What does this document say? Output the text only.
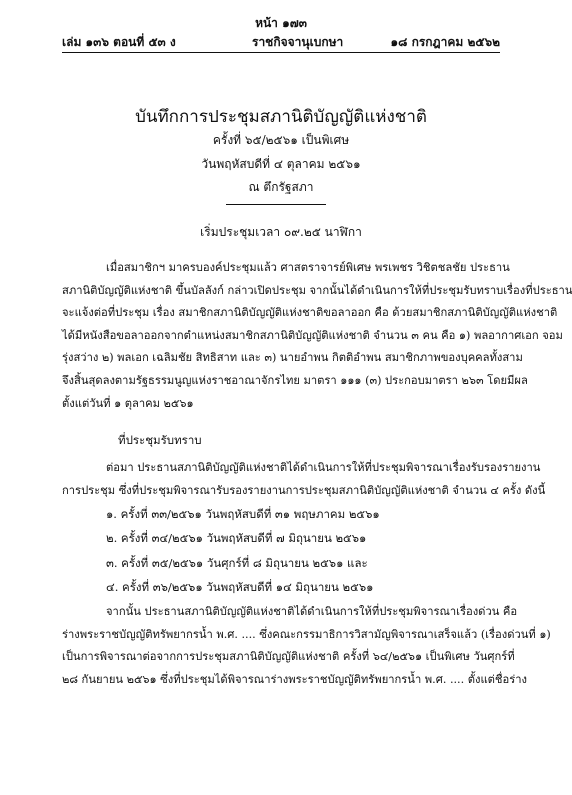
หน้า ๑๗๓
เล่ม ๑๓๖ ตอนที่ ๕๓ ง	ราชกิจจานุเบกษา	๑๘ กรกฎาคม ๒๕๖๒
บันทึกการประชุมสภานิติบัญญัติแห่งชาติ
ครั้งที่ ๖๕/๒๕๖๑ เป็นพิเศษ
วันพฤหัสบดีที่ ๔ ตุลาคม ๒๕๖๑
ณ ตึกรัฐสภา
เริ่มประชุมเวลา ๐๙.๒๕ นาฬิกา
เมื่อสมาชิกฯ มาครบองค์ประชุมแล้ว ศาสตราจารย์พิเศษ พรเพชร วิชิตชลชัย ประธาน
สภานิติบัญญัติแห่งชาติ ขึ้นบัลลังก์ กล่าวเปิดประชุม จากนั้นได้ดำเนินการให้ที่ประชุมรับทราบเรื่องที่ประธาน
จะแจ้งต่อที่ประชุม เรื่อง สมาชิกสภานิติบัญญัติแห่งชาติขอลาออก คือ ด้วยสมาชิกสภานิติบัญญัติแห่งชาติ
ได้มีหนังสือขอลาออกจากตำแหน่งสมาชิกสภานิติบัญญัติแห่งชาติ จำนวน ๓ คน คือ ๑) พลอากาศเอก จอม
รุ่งสว่าง ๒) พลเอก เฉลิมชัย สิทธิสาท และ ๓) นายอำพน กิตติอำพน สมาชิกภาพของบุคคลทั้งสาม
จึงสิ้นสุดลงตามรัฐธรรมนูญแห่งราชอาณาจักรไทย มาตรา ๑๑๑ (๓) ประกอบมาตรา ๒๖๓ โดยมีผล
ตั้งแต่วันที่ ๑ ตุลาคม ๒๕๖๑
ที่ประชุมรับทราบ
ต่อมา ประธานสภานิติบัญญัติแห่งชาติได้ดำเนินการให้ที่ประชุมพิจารณาเรื่องรับรองรายงาน
การประชุม ซึ่งที่ประชุมพิจารณารับรองรายงานการประชุมสภานิติบัญญัติแห่งชาติ จำนวน ๔ ครั้ง ดังนี้
๑. ครั้งที่ ๓๓/๒๕๖๑ วันพฤหัสบดีที่ ๓๑ พฤษภาคม ๒๕๖๑
๒. ครั้งที่ ๓๔/๒๕๖๑ วันพฤหัสบดีที่ ๗ มิถุนายน ๒๕๖๑
๓. ครั้งที่ ๓๕/๒๕๖๑ วันศุกร์ที่ ๘ มิถุนายน ๒๕๖๑ และ
๔. ครั้งที่ ๓๖/๒๕๖๑ วันพฤหัสบดีที่ ๑๔ มิถุนายน ๒๕๖๑
จากนั้น ประธานสภานิติบัญญัติแห่งชาติได้ดำเนินการให้ที่ประชุมพิจารณาเรื่องด่วน คือ
ร่างพระราชบัญญัติทรัพยากรน้ำ พ.ศ. .... ซึ่งคณะกรรมาธิการวิสามัญพิจารณาเสร็จแล้ว (เรื่องด่วนที่ ๑)
เป็นการพิจารณาต่อจากการประชุมสภานิติบัญญัติแห่งชาติ ครั้งที่ ๖๔/๒๕๖๑ เป็นพิเศษ วันศุกร์ที่
๒๘ กันยายน ๒๕๖๑ ซึ่งที่ประชุมได้พิจารณาร่างพระราชบัญญัติทรัพยากรน้ำ พ.ศ. .... ตั้งแต่ชื่อร่าง
